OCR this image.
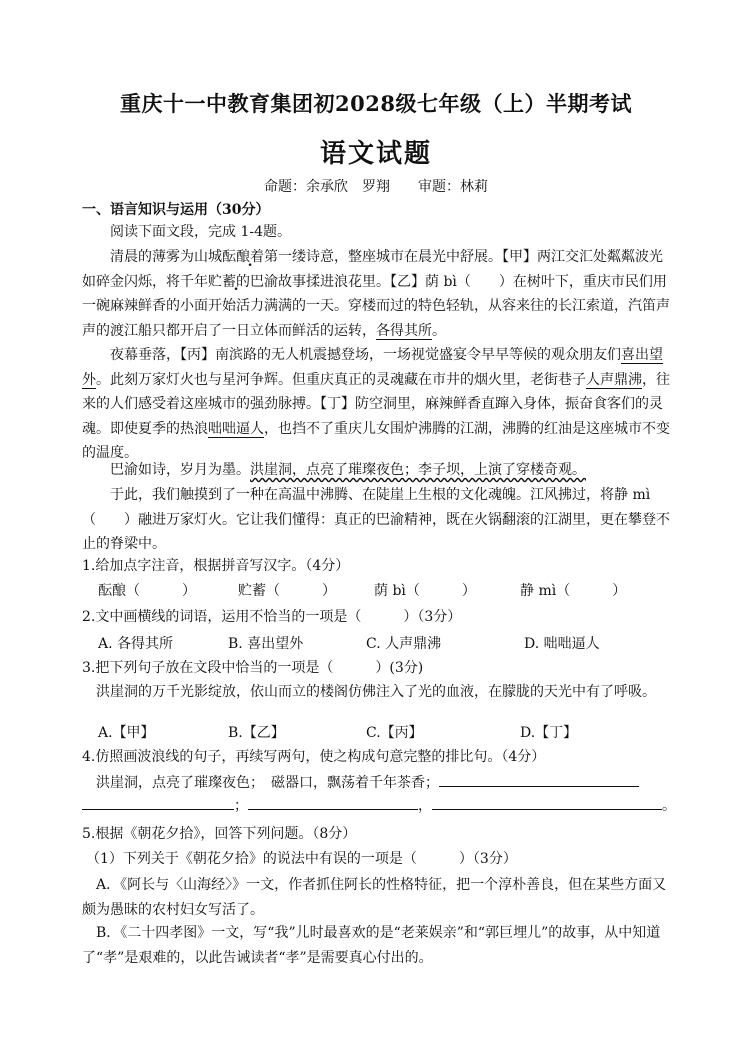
重庆十一中教育集团初2028级七年级（上）半期考试
语文试题
命题：余承欣　罗翔　　审题：林莉
一、语言知识与运用（30分）
阅读下面文段，完成 1-4题。
清晨的薄雾为山城酝酿着第一缕诗意，整座城市在晨光中舒展。【甲】两江交汇处粼粼波光如碎金闪烁，将千年贮蓄的巴渝故事揉进浪花里。【乙】荫 bì（　　）在树叶下，重庆市民们用一碗麻辣鲜香的小面开始活力满满的一天。穿楼而过的特色轻轨，从容来往的长江索道，汽笛声声的渡江船只都开启了一日立体而鲜活的运转，各得其所。
夜幕垂落，【丙】南滨路的无人机震撼登场，一场视觉盛宴令早早等候的观众朋友们喜出望外。此刻万家灯火也与星河争辉。但重庆真正的灵魂藏在市井的烟火里，老街巷子人声鼎沸，往来的人们感受着这座城市的强劲脉搏。【丁】防空洞里，麻辣鲜香直蹿入身体，振奋食客们的灵魂。即使夏季的热浪咄咄逼人，也挡不了重庆儿女围炉沸腾的江湖，沸腾的红油是这座城市不变的温度。
巴渝如诗，岁月为墨。洪崖洞，点亮了璀璨夜色；李子坝，上演了穿楼奇观。
于此，我们触摸到了一种在高温中沸腾、在陡崖上生根的文化魂魄。江风拂过，将静 mì（　　）融进万家灯火。它让我们懂得：真正的巴渝精神，既在火锅翻滚的江湖里，更在攀登不止的脊梁中。
1.给加点字注音，根据拼音写汉字。（4分）
酝酿（　　　）	贮蓄（　　　）	荫 bì（　　　）	静 mì（　　　）
2.文中画横线的词语，运用不恰当的一项是（　　　）（3分）
A. 各得其所	B. 喜出望外	C. 人声鼎沸	D. 咄咄逼人
3.把下列句子放在文段中恰当的一项是（　　　）(3分)
洪崖洞的万千光影绽放，依山而立的楼阁仿佛注入了光的血液，在朦胧的天光中有了呼吸。
A.【甲】	B.【乙】	C.【丙】	D.【丁】
4.仿照画波浪线的句子，再续写两句，使之构成句意完整的排比句。（4分）
洪崖洞，点亮了璀璨夜色；　磁器口，飘荡着千年茶香；
；	，	。
5.根据《朝花夕拾》，回答下列问题。（8分）
（1）下列关于《朝花夕拾》的说法中有误的一项是（　　　）（3分）
A．《阿长与〈山海经〉》一文，作者抓住阿长的性格特征，把一个淳朴善良，但在某些方面又颇为愚昧的农村妇女写活了。
B．《二十四孝图》一文，写“我”儿时最喜欢的是“老莱娱亲”和“郭巨埋儿”的故事，从中知道了“孝”是艰难的，以此告诫读者“孝”是需要真心付出的。
